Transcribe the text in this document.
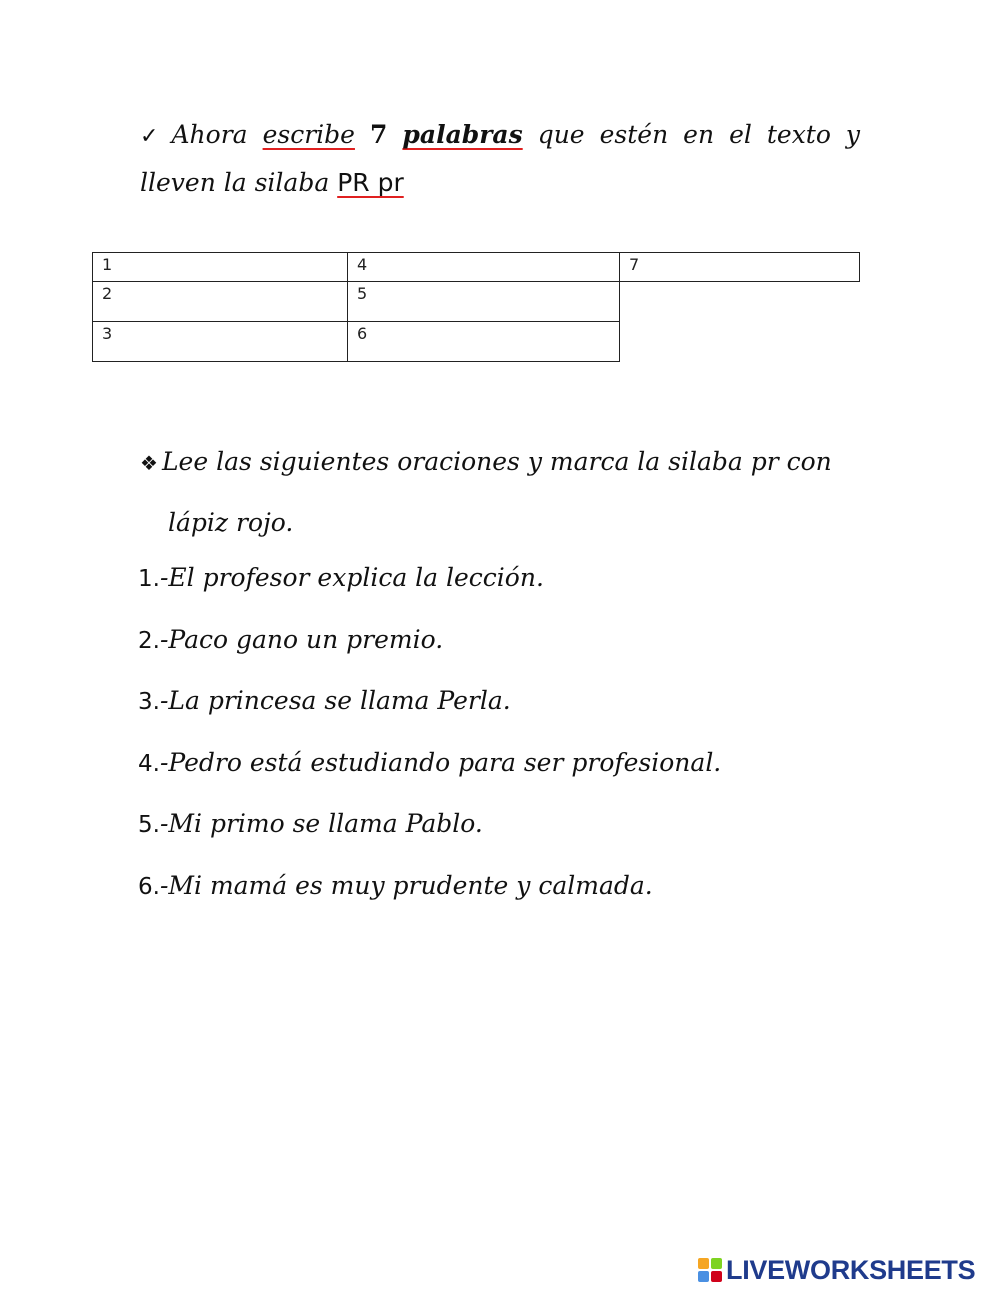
✓ Ahora escribe 7 palabras que estén en el texto y lleven la silaba PR pr
1
2
3
4
5
6
7
❖ Lee las siguientes oraciones y marca la silaba pr con
lápiz rojo.
1.-El profesor explica la lección.
2.-Paco gano un premio.
3.-La princesa se llama Perla.
4.-Pedro está estudiando para ser profesional.
5.-Mi primo se llama Pablo.
6.-Mi mamá es muy prudente y calmada.
LIVEWORKSHEETS
